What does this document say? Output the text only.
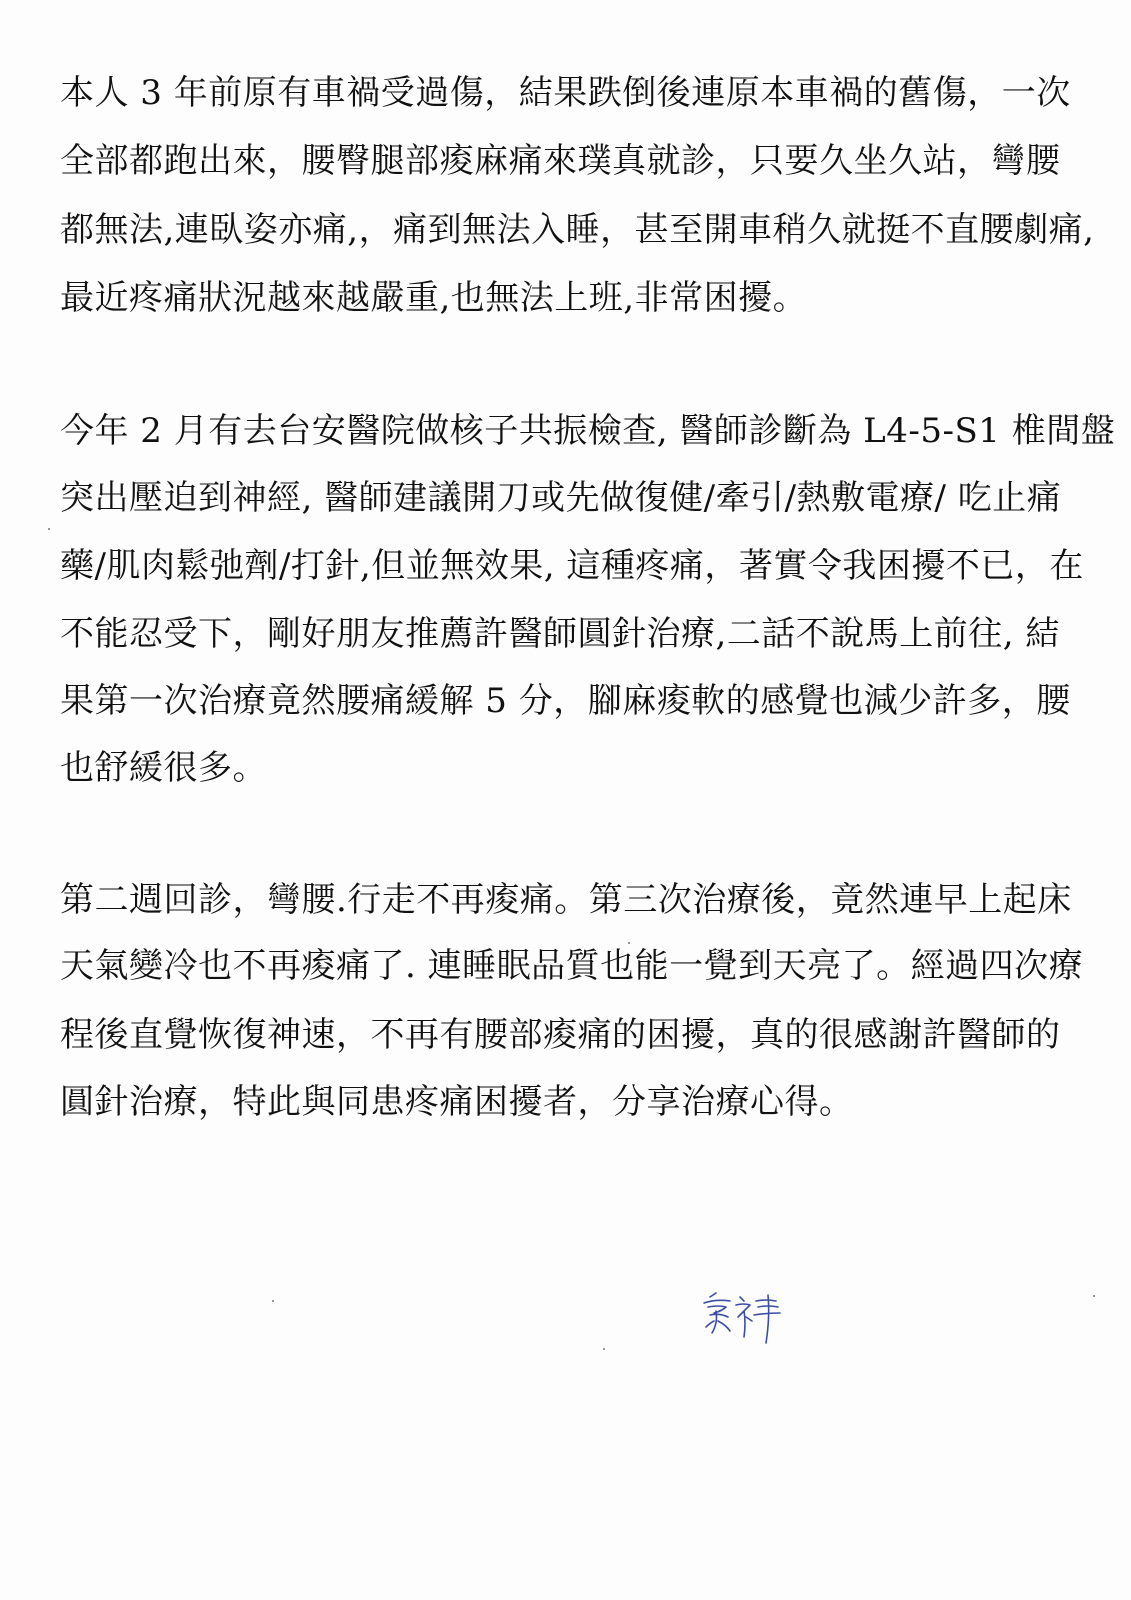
本人 3 年前原有車禍受過傷，結果跌倒後連原本車禍的舊傷，一次
全部都跑出來，腰臀腿部痠麻痛來璞真就診，只要久坐久站，彎腰
都無法,連臥姿亦痛,，痛到無法入睡，甚至開車稍久就挺不直腰劇痛,
最近疼痛狀況越來越嚴重,也無法上班,非常困擾。
今年 2 月有去台安醫院做核子共振檢查, 醫師診斷為 L4-5-S1 椎間盤
突出壓迫到神經, 醫師建議開刀或先做復健/牽引/熱敷電療/ 吃止痛
藥/肌肉鬆弛劑/打針,但並無效果, 這種疼痛，著實令我困擾不已，在
不能忍受下，剛好朋友推薦許醫師圓針治療,二話不說馬上前往, 結
果第一次治療竟然腰痛緩解 5 分，腳麻痠軟的感覺也減少許多，腰
也舒緩很多。
第二週回診，彎腰.行走不再痠痛。第三次治療後，竟然連早上起床
天氣變冷也不再痠痛了. 連睡眠品質也能一覺到天亮了。經過四次療
程後直覺恢復神速，不再有腰部痠痛的困擾，真的很感謝許醫師的
圓針治療，特此與同患疼痛困擾者，分享治療心得。
